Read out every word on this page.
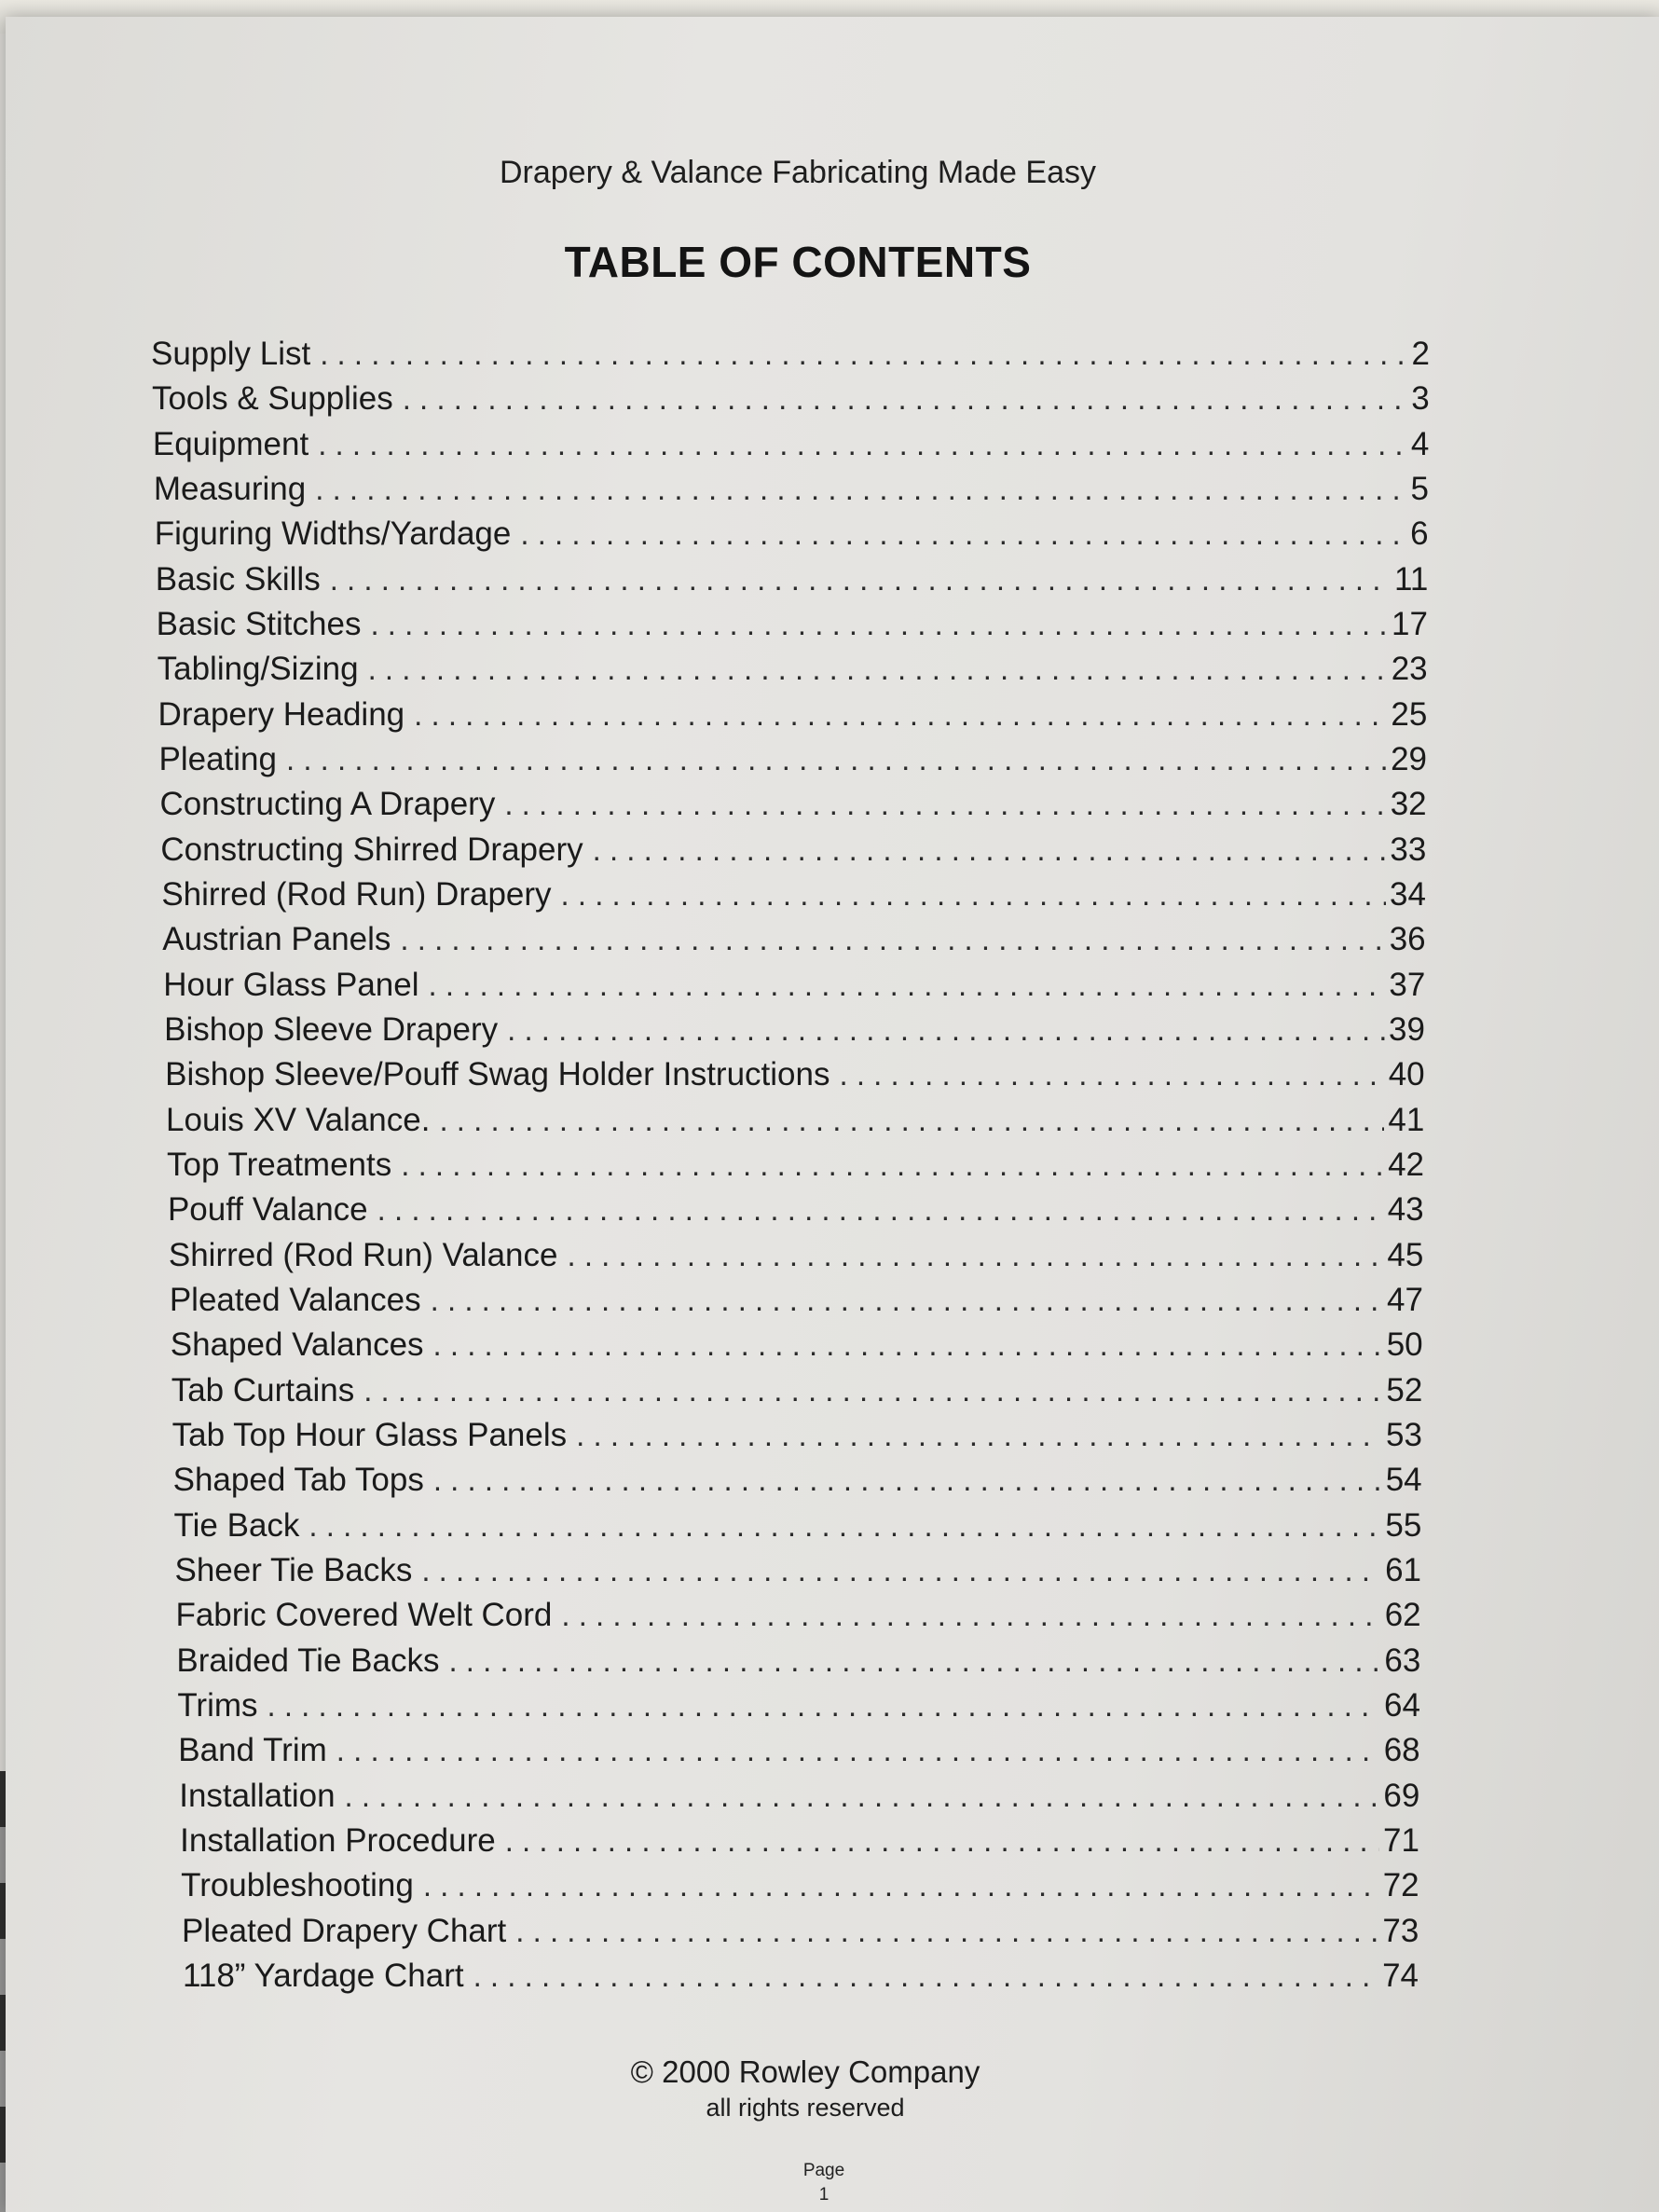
Drapery & Valance Fabricating Made Easy
TABLE OF CONTENTS
Supply List . . .	2
Tools & Supplies . . .	3
Equipment . . .	4
Measuring . . .	5
Figuring Widths/Yardage . . .	6
Basic Skills . . .	11
Basic Stitches . . .	17
Tabling/Sizing . . .	23
Drapery Heading . . .	25
Pleating . . .	29
Constructing A Drapery . . .	32
Constructing Shirred Drapery . . .	33
Shirred (Rod Run) Drapery . . .	34
Austrian Panels . . .	36
Hour Glass Panel . . .	37
Bishop Sleeve Drapery . . .	39
Bishop Sleeve/Pouff Swag Holder Instructions . . .	40
Louis XV Valance. . . .	41
Top Treatments . . .	42
Pouff Valance . . .	43
Shirred (Rod Run) Valance . . .	45
Pleated Valances . . .	47
Shaped Valances . . .	50
Tab Curtains . . .	52
Tab Top Hour Glass Panels . . .	53
Shaped Tab Tops . . .	54
Tie Back . . .	55
Sheer Tie Backs . . .	61
Fabric Covered Welt Cord . . .	62
Braided Tie Backs . . .	63
Trims . . .	64
Band Trim . . .	68
Installation . . .	69
Installation Procedure . . .	71
Troubleshooting . . .	72
Pleated Drapery Chart . . .	73
118” Yardage Chart . . .	74
© 2000 Rowley Company
all rights reserved
Page
1
